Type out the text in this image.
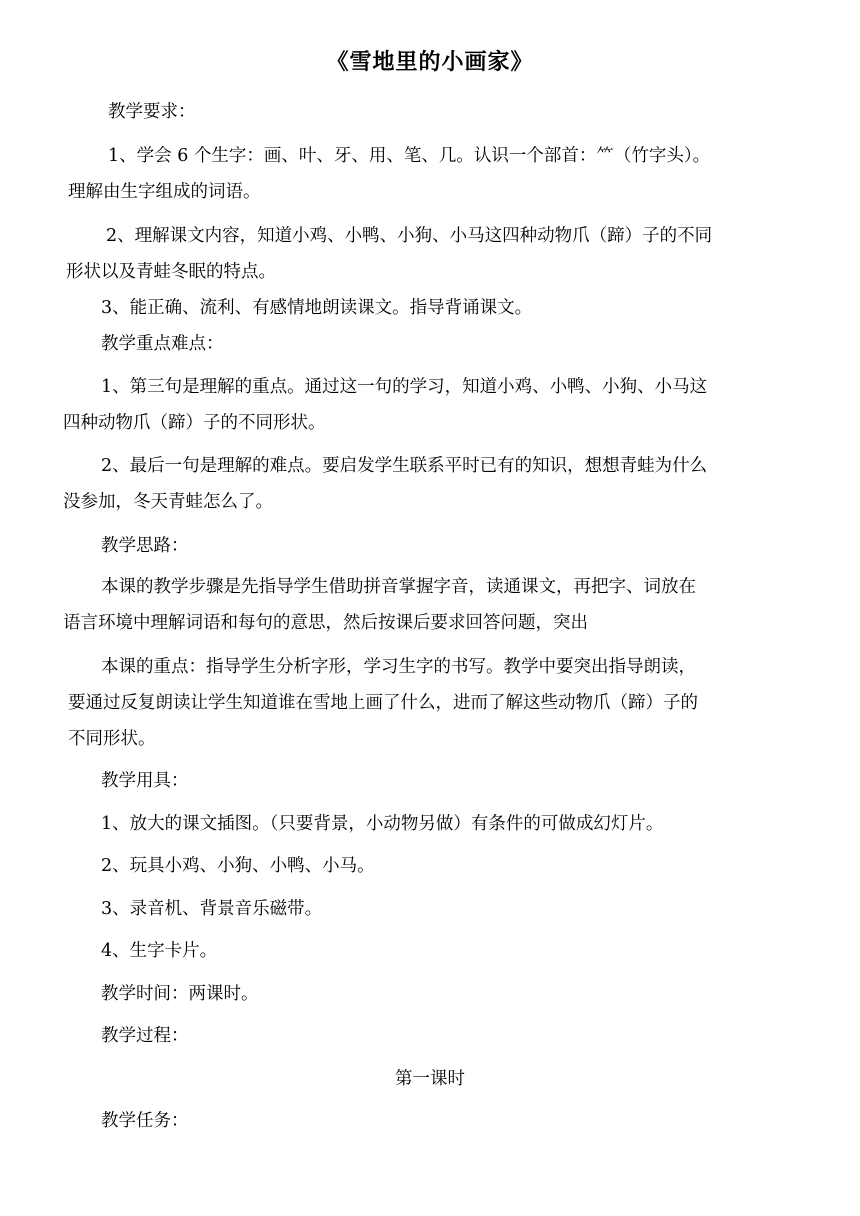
《雪地里的小画家》
教学要求：
1、学会 6 个生字：画、叶、牙、用、笔、几。认识一个部首：⺮（竹字头）。
理解由生字组成的词语。
2、理解课文内容，知道小鸡、小鸭、小狗、小马这四种动物爪（蹄）子的不同
形状以及青蛙冬眠的特点。
3、能正确、流利、有感情地朗读课文。指导背诵课文。
教学重点难点：
1、第三句是理解的重点。通过这一句的学习，知道小鸡、小鸭、小狗、小马这
四种动物爪（蹄）子的不同形状。
2、最后一句是理解的难点。要启发学生联系平时已有的知识，想想青蛙为什么
没参加，冬天青蛙怎么了。
教学思路：
本课的教学步骤是先指导学生借助拼音掌握字音，读通课文，再把字、词放在
语言环境中理解词语和每句的意思，然后按课后要求回答问题，突出
本课的重点：指导学生分析字形，学习生字的书写。教学中要突出指导朗读，
要通过反复朗读让学生知道谁在雪地上画了什么，进而了解这些动物爪（蹄）子的
不同形状。
教学用具：
1、放大的课文插图。（只要背景，小动物另做）有条件的可做成幻灯片。
2、玩具小鸡、小狗、小鸭、小马。
3、录音机、背景音乐磁带。
4、生字卡片。
教学时间：两课时。
教学过程：
第一课时
教学任务：
